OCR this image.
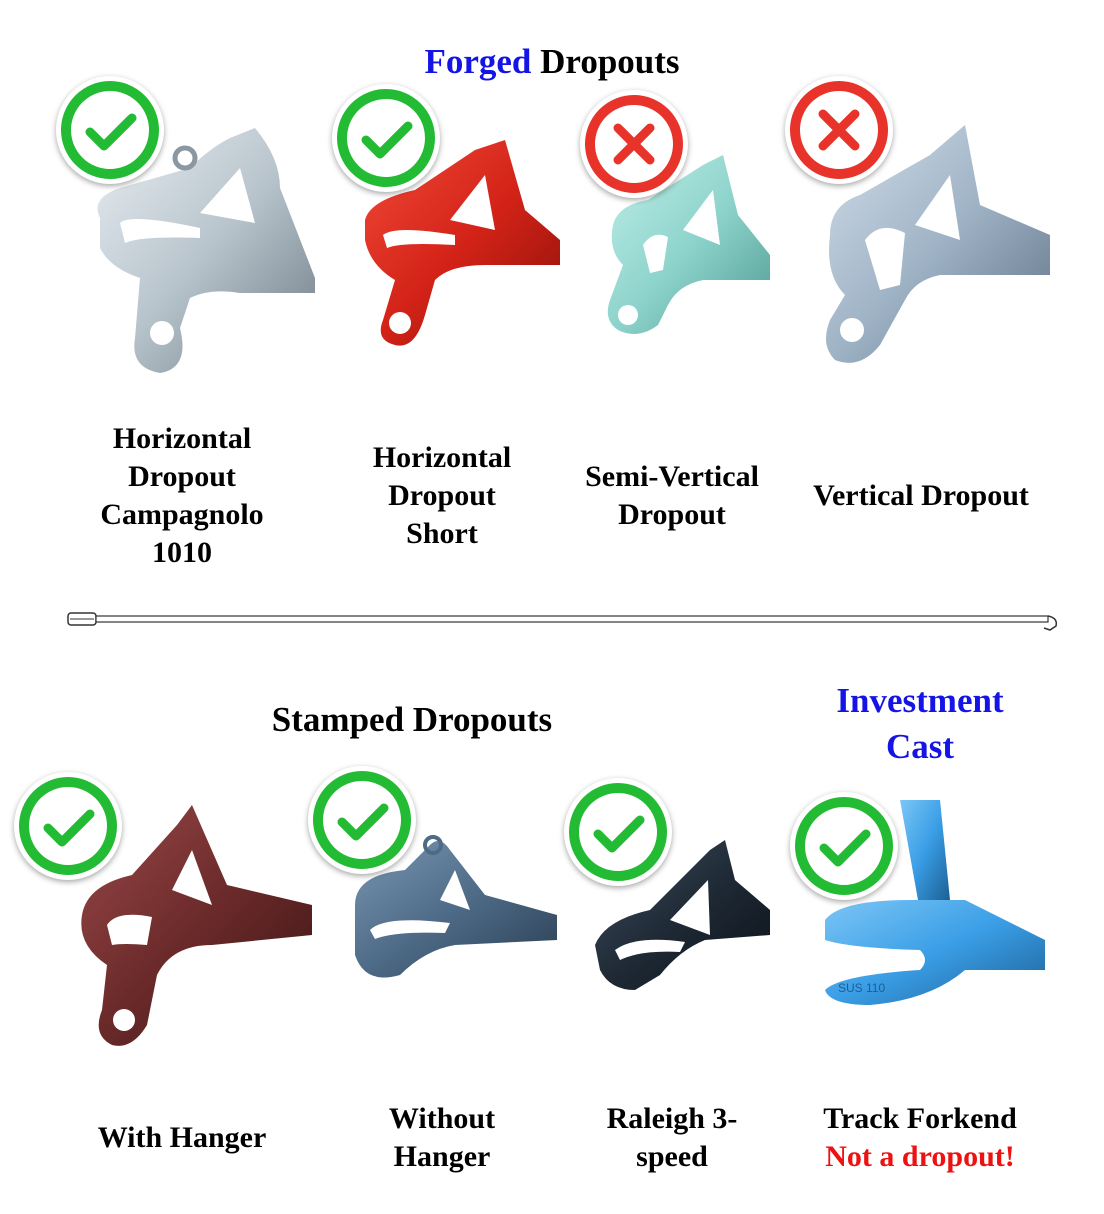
Forged Dropouts
Horizontal Dropout Campagnolo 1010
Horizontal Dropout Short
Semi-Vertical Dropout
Vertical Dropout
Stamped Dropouts	Investment Cast
SUS 110
With Hanger
Without Hanger
Raleigh 3-speed
Track Forkend
Not a dropout!
